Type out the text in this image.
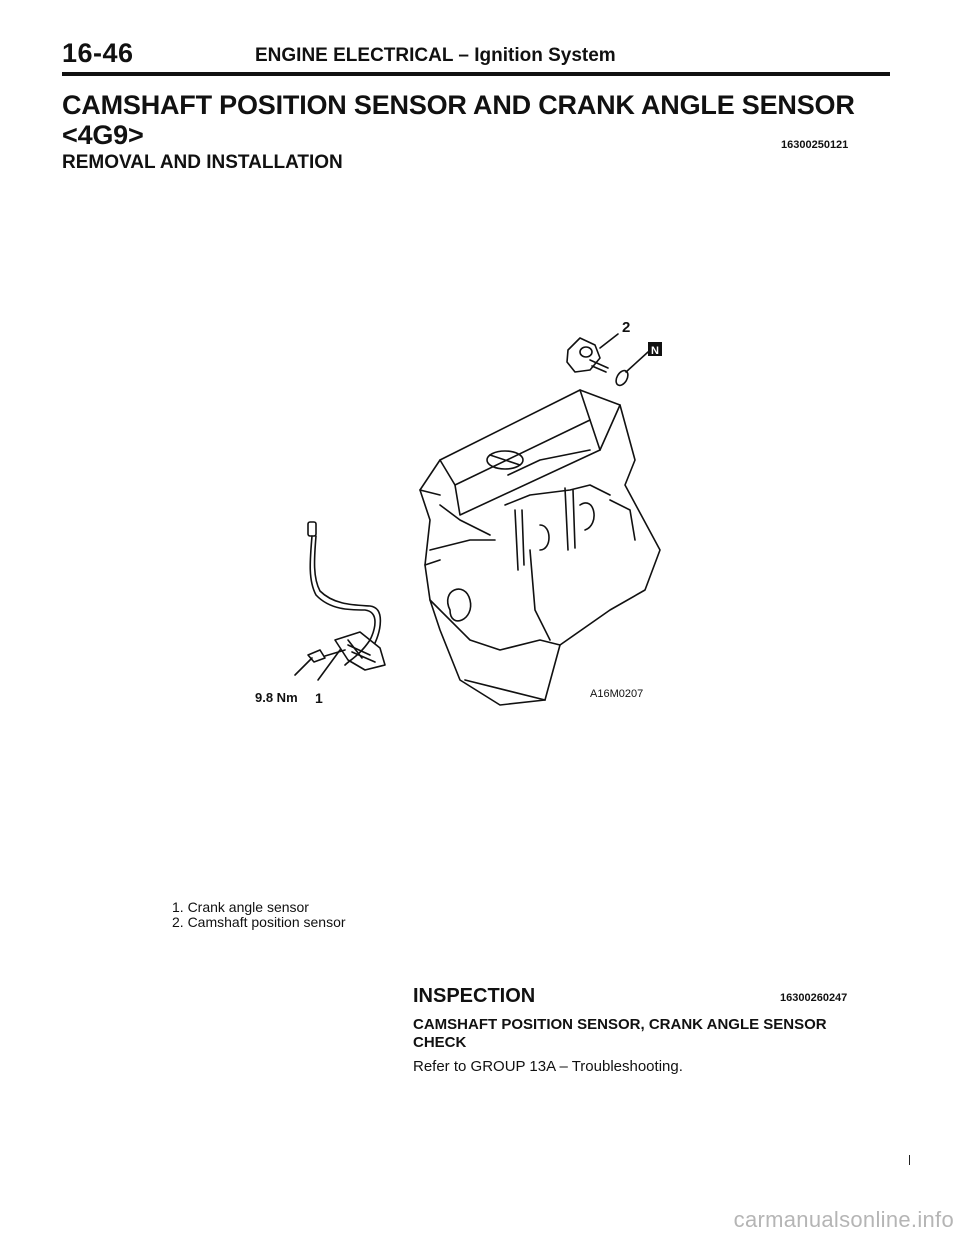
16-46	ENGINE ELECTRICAL – Ignition System
CAMSHAFT POSITION SENSOR AND CRANK ANGLE SENSOR <4G9>	16300250121
REMOVAL AND INSTALLATION
2
N
9.8 Nm 1	A16M0207
1. Crank angle sensor
2. Camshaft position sensor
INSPECTION	16300260247
CAMSHAFT POSITION SENSOR, CRANK ANGLE SENSOR CHECK
Refer to GROUP 13A – Troubleshooting.
carmanualsonline.info
